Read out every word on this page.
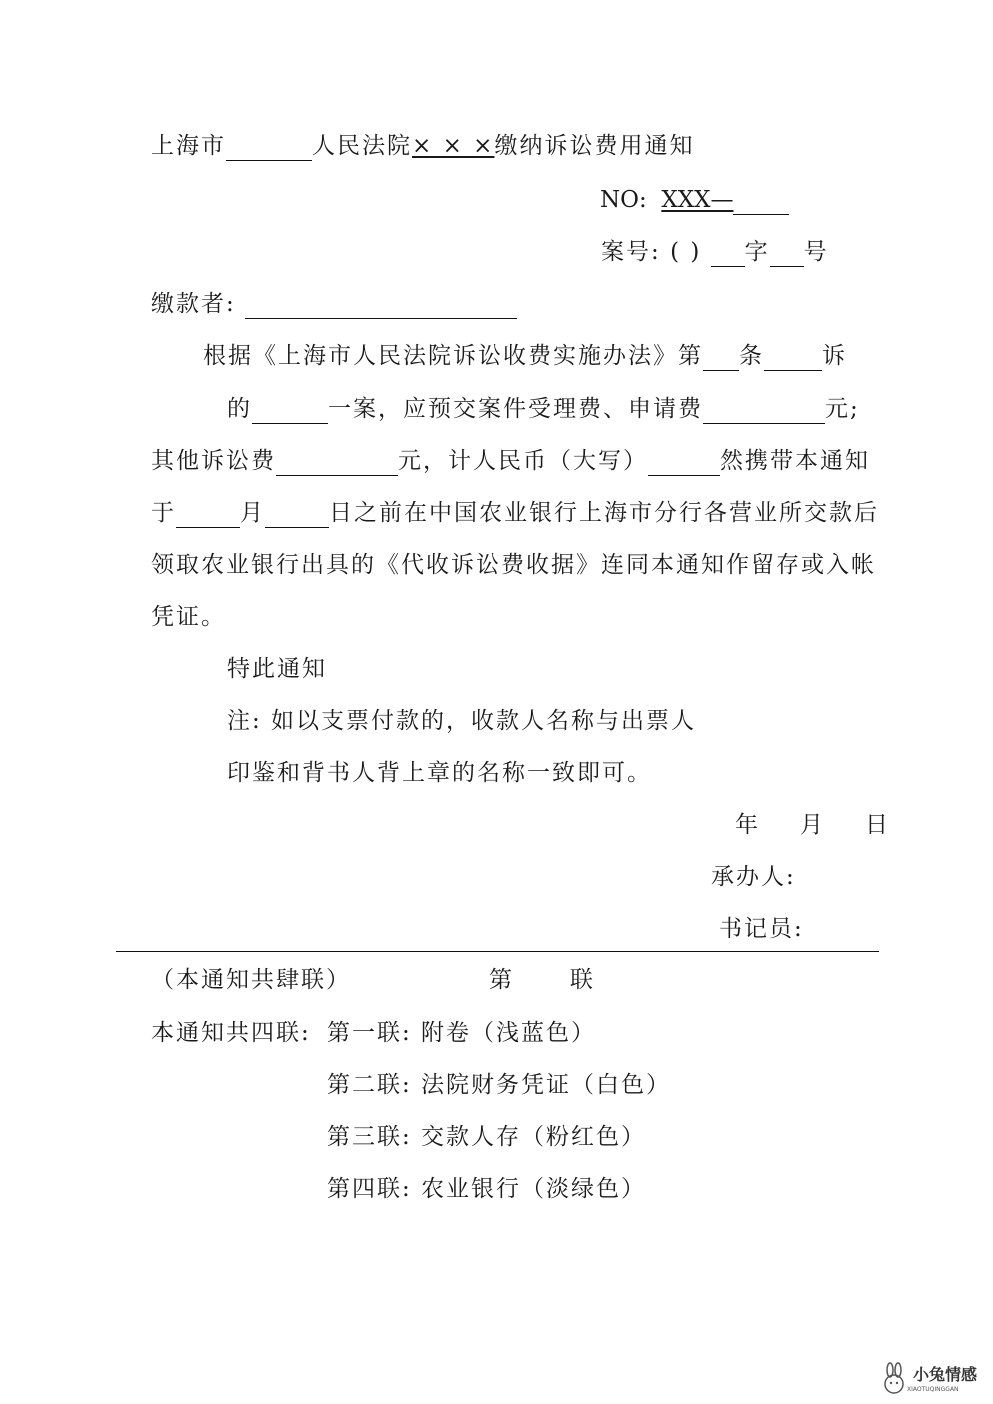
上海市	人民法院× × ×缴纳诉讼费用通知
NO: XXX—
案号: ( ) 字 号
缴款者:
根据《上海市人民法院诉讼收费实施办法》第 条	诉
的	一案，应预交案件受理费、申请费	元;
其他诉讼费	元，计人民币（大写）	然携带本通知
于	月	日之前在中国农业银行上海市分行各营业所交款后
领取农业银行出具的《代收诉讼费收据》连同本通知作留存或入帐
凭证。
特此通知
注: 如以支票付款的，收款人名称与出票人
印鉴和背书人背上章的名称一致即可。
年 月 日
承办人:
书记员:
（本通知共肆联）	第      联
本通知共四联: 第一联: 附卷（浅蓝色）
第二联: 法院财务凭证（白色）
第三联: 交款人存（粉红色）
第四联: 农业银行（淡绿色）
小兔情感
XIAOTUQINGGAN
